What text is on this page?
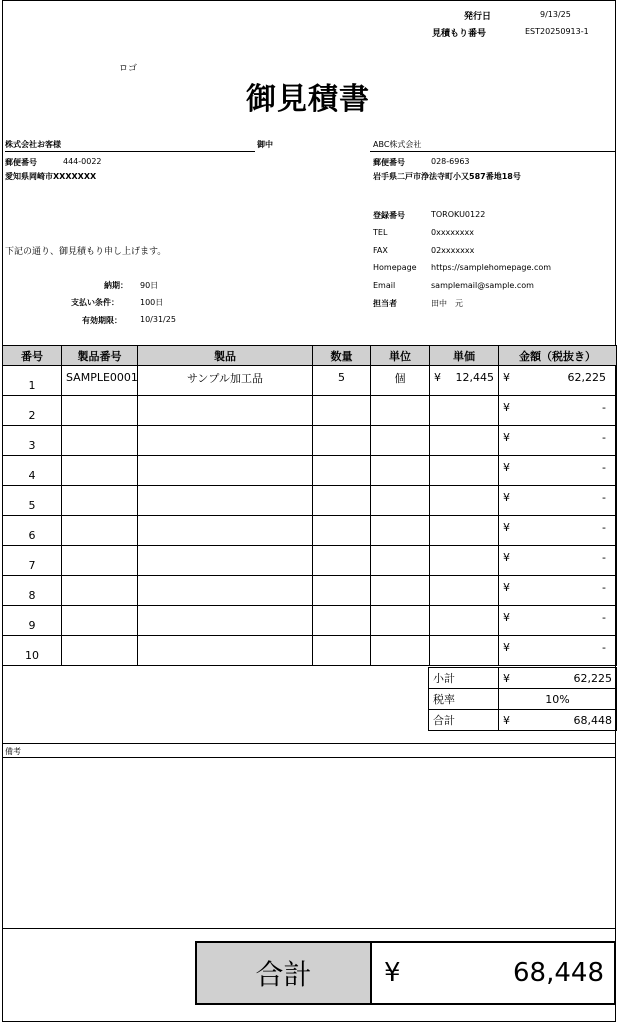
発行日	9/13/25
見積もり番号	EST20250913-1
ロゴ
御見積書
株式会社お客様	御中
郵便番号	444-0022
愛知県岡崎市XXXXXXX
下記の通り、御見積もり申し上げます。
納期： 90日
支払い条件：	100日
有効期限： 10/31/25
ABC株式会社
郵便番号	028-6963
岩手県二戸市浄法寺町小又587番地18号
登録番号	TOROKU0122
TEL	0xxxxxxxx
FAX	02xxxxxxx
Homepage https://samplehomepage.com
Email	samplemail@sample.com
担当者	田中　元
番号	製品番号	製品	数量	単位	単価	金額（税抜き）
1	SAMPLE0001	サンプル加工品	5	個	¥ 12,445	¥ 62,225

2						¥ -

3						¥ -

4						¥ -

5						¥ -

6						¥ -

7						¥ -

8						¥ -

9						¥ -

10						¥ -
小計	¥ 62,225

税率	10%
合計	¥ 68,448
備考
合計	¥	68,448
